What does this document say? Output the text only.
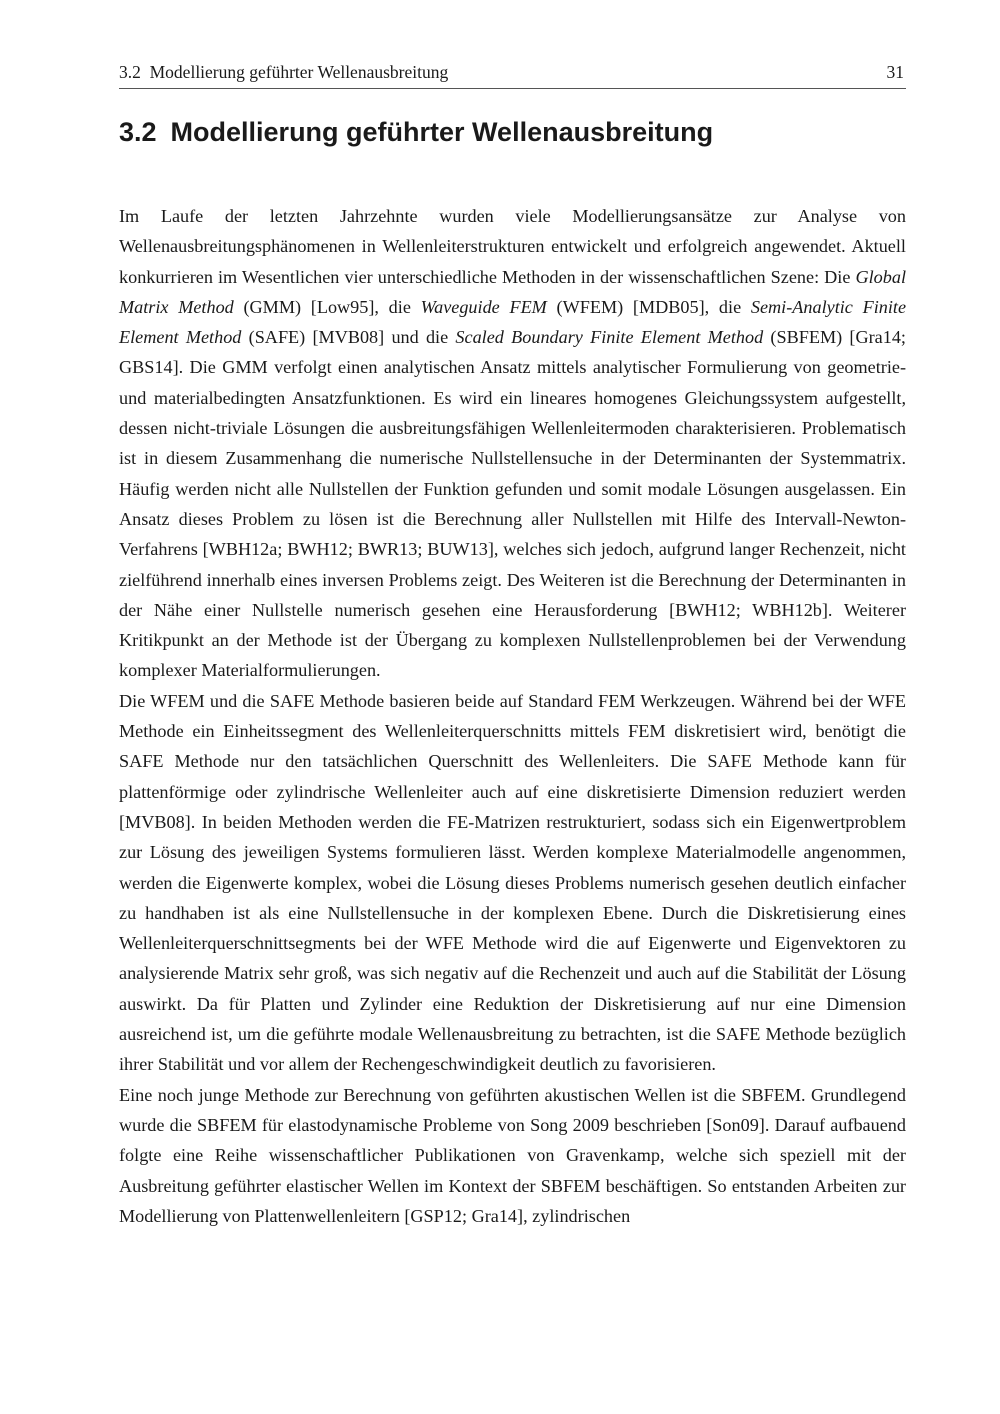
3.2  Modellierung geführter Wellenausbreitung	31
3.2 Modellierung geführter Wellenausbreitung

Im Laufe der letzten Jahrzehnte wurden viele Modellierungsansätze zur Analyse von Wellenausbreitungsphänomenen in Wellenleiterstrukturen entwickelt und erfolgreich angewendet. Aktuell konkurrieren im Wesentlichen vier unterschiedliche Methoden in der wissenschaftlichen Szene: Die Global Matrix Method (GMM) [Low95], die Waveguide FEM (WFEM) [MDB05], die Semi-Analytic Finite Element Method (SAFE) [MVB08] und die Scaled Boundary Finite Element Method (SBFEM) [Gra14; GBS14]. Die GMM verfolgt einen analytischen Ansatz mittels analytischer Formulierung von geometrie- und materialbedingten Ansatzfunktionen. Es wird ein lineares homogenes Gleichungssystem aufgestellt, dessen nicht-triviale Lösungen die ausbreitungsfähigen Wellenleitermoden charakterisieren. Problematisch ist in diesem Zusammenhang die numerische Nullstellensuche in der Determinanten der Systemmatrix. Häufig werden nicht alle Nullstellen der Funktion gefunden und somit modale Lösungen ausgelassen. Ein Ansatz dieses Problem zu lösen ist die Berechnung aller Nullstellen mit Hilfe des Intervall-Newton-Verfahrens [WBH12a; BWH12; BWR13; BUW13], welches sich jedoch, aufgrund langer Rechenzeit, nicht zielführend innerhalb eines inversen Problems zeigt. Des Weiteren ist die Berechnung der Determinanten in der Nähe einer Nullstelle numerisch gesehen eine Herausforderung [BWH12; WBH12b]. Weiterer Kritikpunkt an der Methode ist der Übergang zu komplexen Nullstellenproblemen bei der Verwendung komplexer Materialformulierungen.

Die WFEM und die SAFE Methode basieren beide auf Standard FEM Werkzeugen. Während bei der WFE Methode ein Einheitssegment des Wellenleiterquerschnitts mittels FEM diskretisiert wird, benötigt die SAFE Methode nur den tatsächlichen Querschnitt des Wellenleiters. Die SAFE Methode kann für plattenförmige oder zylindrische Wellenleiter auch auf eine diskretisierte Dimension reduziert werden [MVB08]. In beiden Methoden werden die FE-Matrizen restrukturiert, sodass sich ein Eigenwertproblem zur Lösung des jeweiligen Systems formulieren lässt. Werden komplexe Materialmodelle angenommen, werden die Eigenwerte komplex, wobei die Lösung dieses Problems numerisch gesehen deutlich einfacher zu handhaben ist als eine Nullstellensuche in der komplexen Ebene. Durch die Diskretisierung eines Wellenleiterquerschnittsegments bei der WFE Methode wird die auf Eigenwerte und Eigenvektoren zu analysierende Matrix sehr groß, was sich negativ auf die Rechenzeit und auch auf die Stabilität der Lösung auswirkt. Da für Platten und Zylinder eine Reduktion der Diskretisierung auf nur eine Dimension ausreichend ist, um die geführte modale Wellenausbreitung zu betrachten, ist die SAFE Methode bezüglich ihrer Stabilität und vor allem der Rechengeschwindigkeit deutlich zu favorisieren.

Eine noch junge Methode zur Berechnung von geführten akustischen Wellen ist die SBFEM. Grundlegend wurde die SBFEM für elastodynamische Probleme von Song 2009 beschrieben [Son09]. Darauf aufbauend folgte eine Reihe wissenschaftlicher Publikationen von Gravenkamp, welche sich speziell mit der Ausbreitung geführter elastischer Wellen im Kontext der SBFEM beschäftigen. So entstanden Arbeiten zur Modellierung von Plattenwellenleitern [GSP12; Gra14], zylindrischen
